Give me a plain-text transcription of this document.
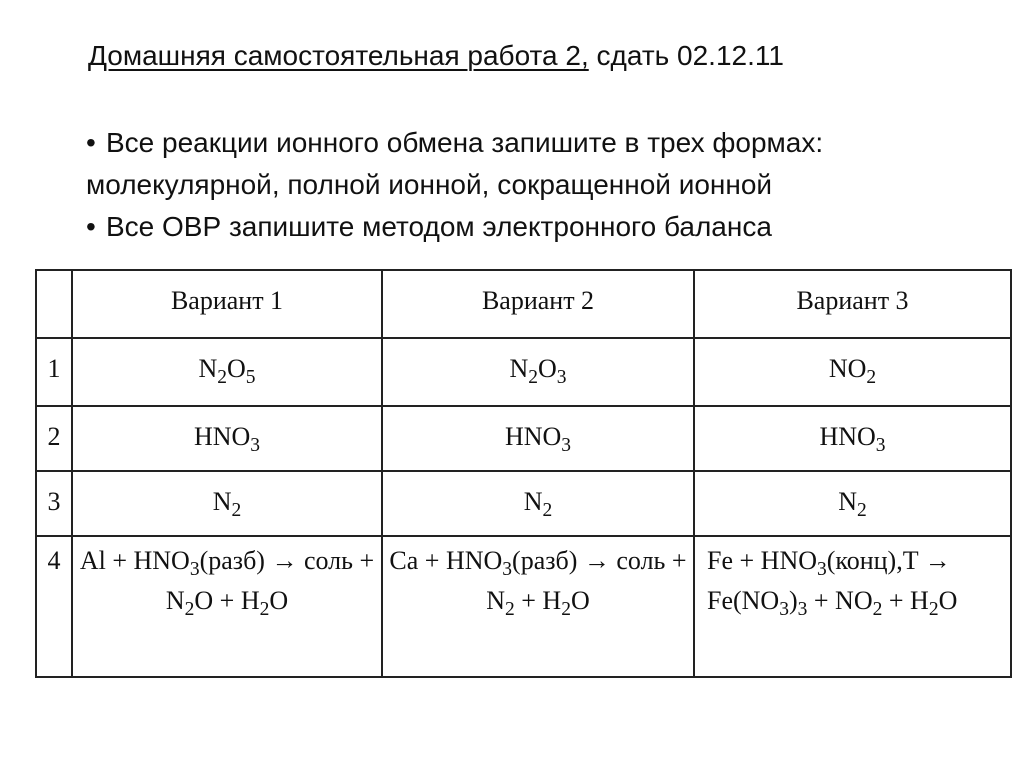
Домашняя самостоятельная работа 2, сдать 02.12.11
• Все реакции ионного обмена запишите в трех формах:
молекулярной, полной ионной, сокращенной ионной
• Все ОВР запишите методом электронного баланса
	Вариант 1	Вариант 2	Вариант 3
1	$N_2O_5$	$N_2O_3$	$NO_2$
2	$HNO_3$	$HNO_3$	$HNO_3$
3	$N_2$	$N_2$	$N_2$
4	$Al + HNO_3(разб)$ → соль + $N_2O + H_2O$	$Ca + HNO_3(разб)$ → соль + $N_2 + H_2O$	$Fe + HNO_3(конц),T \to Fe(NO_3)_3 + NO_2 + H_2O$
